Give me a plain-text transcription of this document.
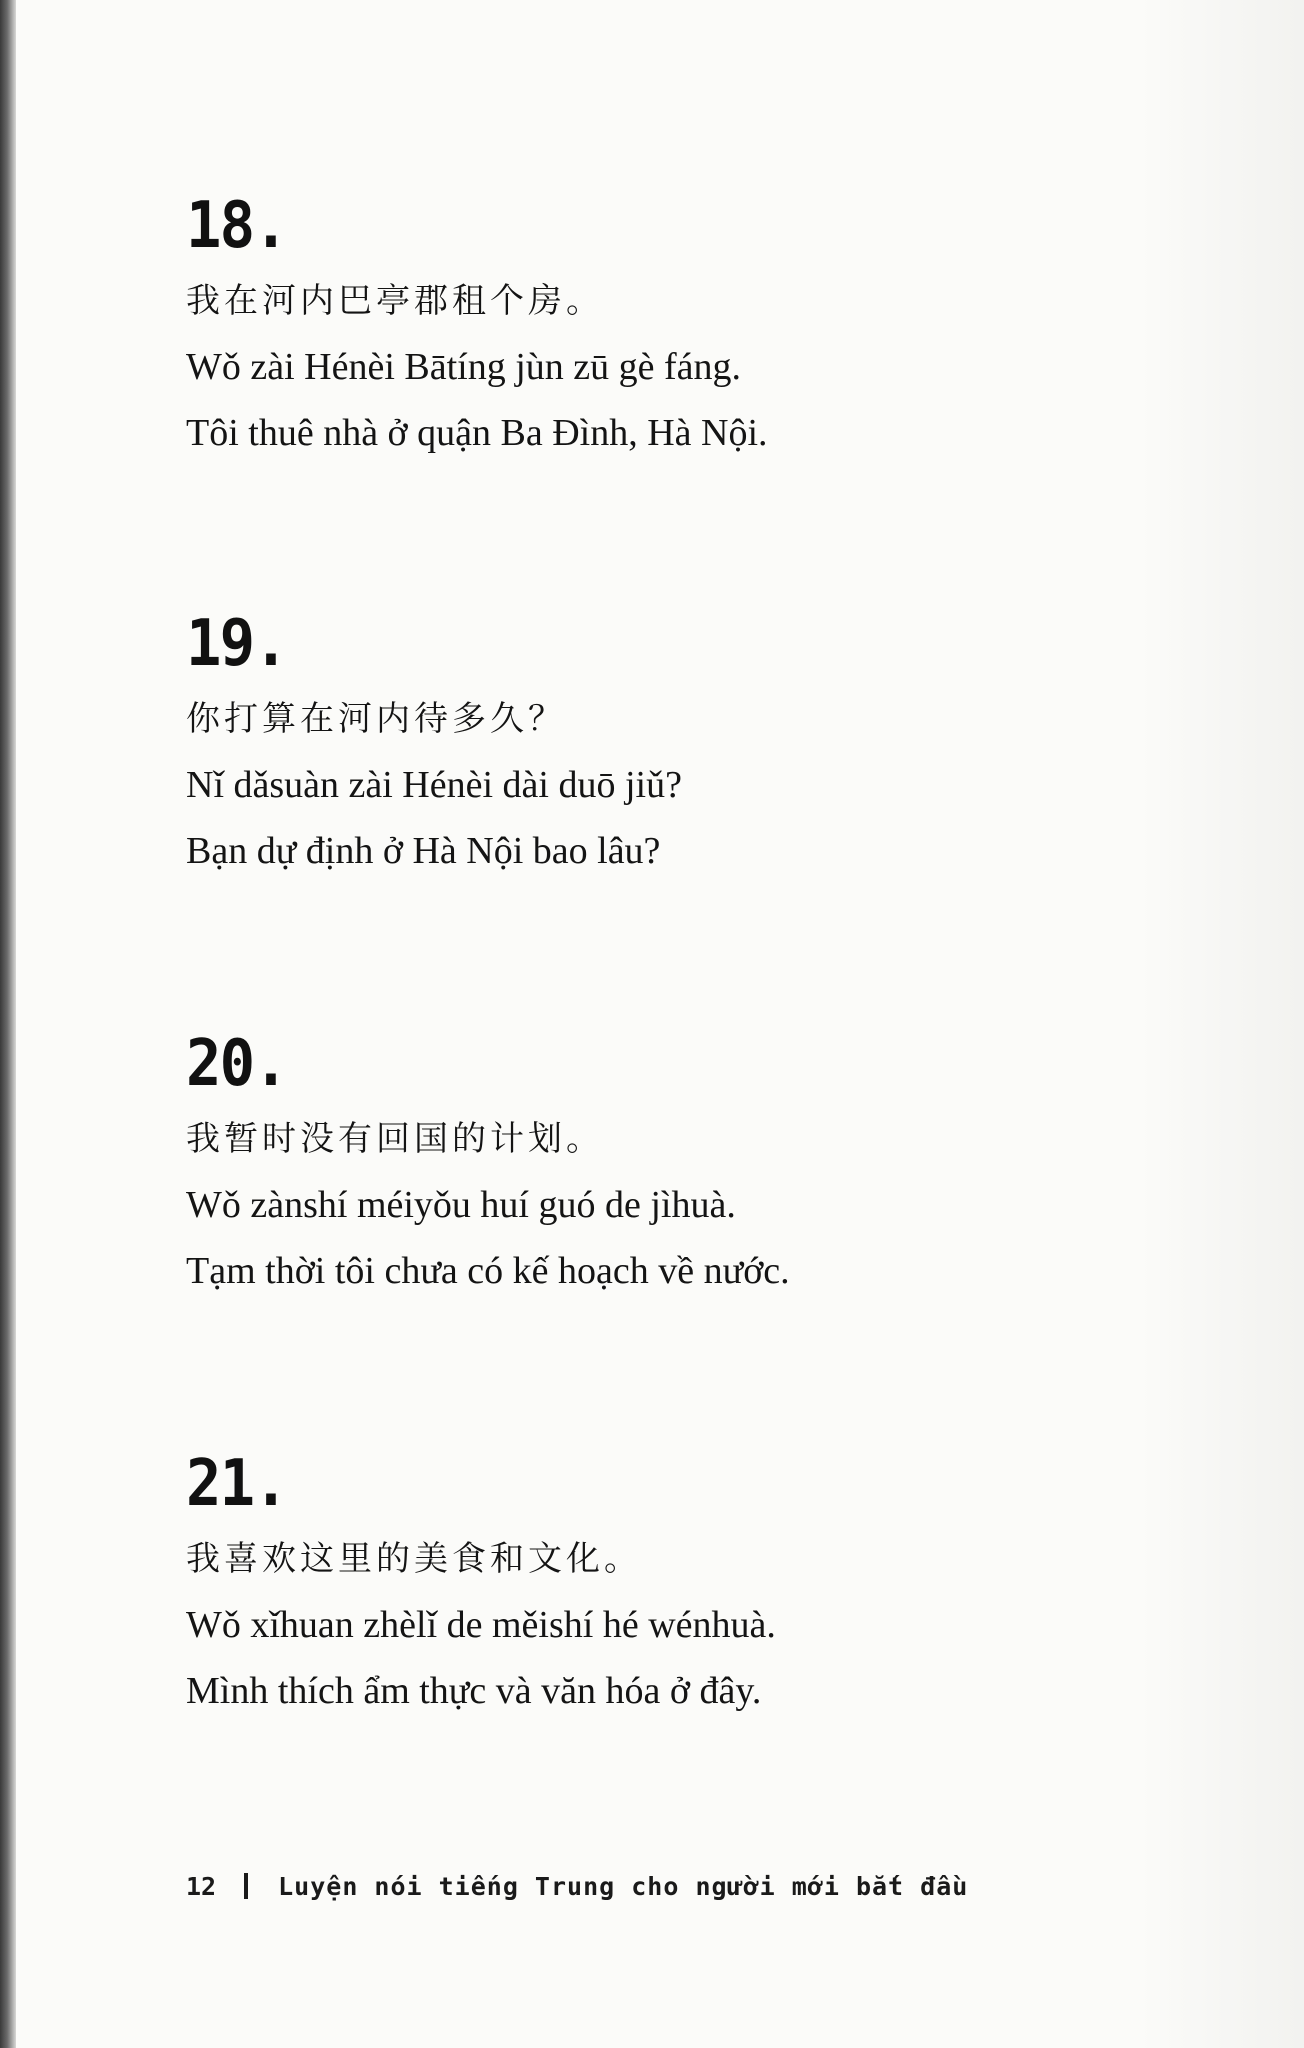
18.
我在河内巴亭郡租个房。
Wǒ zài Hénèi Bātíng jùn zū gè fáng.
Tôi thuê nhà ở quận Ba Đình, Hà Nội.
19.
你打算在河内待多久？
Nǐ dǎsuàn zài Hénèi dài duō jiǔ?
Bạn dự định ở Hà Nội bao lâu?
20.
我暂时没有回国的计划。
Wǒ zànshí méiyǒu huí guó de jìhuà.
Tạm thời tôi chưa có kế hoạch về nước.
21.
我喜欢这里的美食和文化。
Wǒ xǐhuan zhèlǐ de měishí hé wénhuà.
Mình thích ẩm thực và văn hóa ở đây.
12 Luyện nói tiếng Trung cho người mới bắt đầu
